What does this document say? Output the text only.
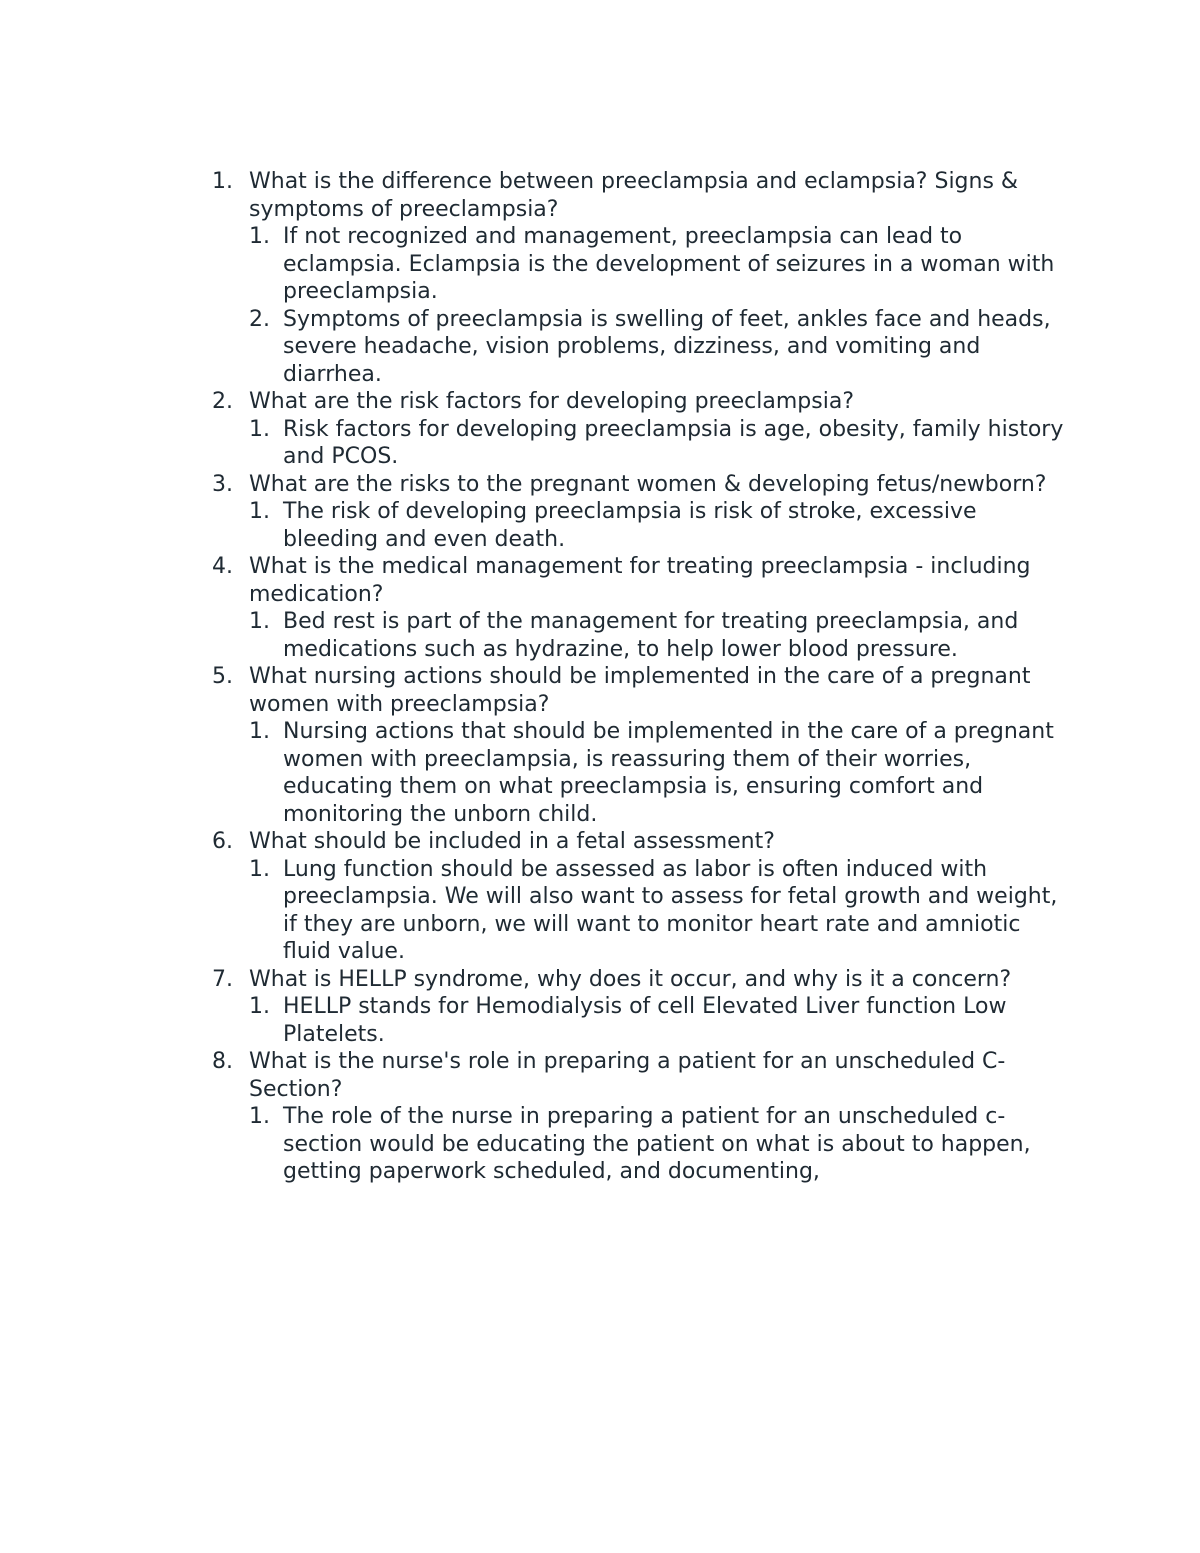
1. What is the difference between preeclampsia and eclampsia? Signs & symptoms of preeclampsia?
1. If not recognized and management, preeclampsia can lead to eclampsia. Eclampsia is the development of seizures in a woman with preeclampsia.
2. Symptoms of preeclampsia is swelling of feet, ankles face and heads, severe headache, vision problems, dizziness, and vomiting and diarrhea.
2. What are the risk factors for developing preeclampsia?
1. Risk factors for developing preeclampsia is age, obesity, family history and PCOS.
3. What are the risks to the pregnant women & developing fetus/newborn?
1. The risk of developing preeclampsia is risk of stroke, excessive bleeding and even death.
4. What is the medical management for treating preeclampsia - including medication?
1. Bed rest is part of the management for treating preeclampsia, and medications such as hydrazine, to help lower blood pressure.
5. What nursing actions should be implemented in the care of a pregnant women with preeclampsia?
1. Nursing actions that should be implemented in the care of a pregnant women with preeclampsia, is reassuring them of their worries, educating them on what preeclampsia is, ensuring comfort and monitoring the unborn child.
6. What should be included in a fetal assessment?
1. Lung function should be assessed as labor is often induced with preeclampsia. We will also want to assess for fetal growth and weight, if they are unborn, we will want to monitor heart rate and amniotic fluid value.
7. What is HELLP syndrome, why does it occur, and why is it a concern?
1. HELLP stands for Hemodialysis of cell Elevated Liver function Low Platelets.
8. What is the nurse's role in preparing a patient for an unscheduled C-Section?
1. The role of the nurse in preparing a patient for an unscheduled c-section would be educating the patient on what is about to happen, getting paperwork scheduled, and documenting,
